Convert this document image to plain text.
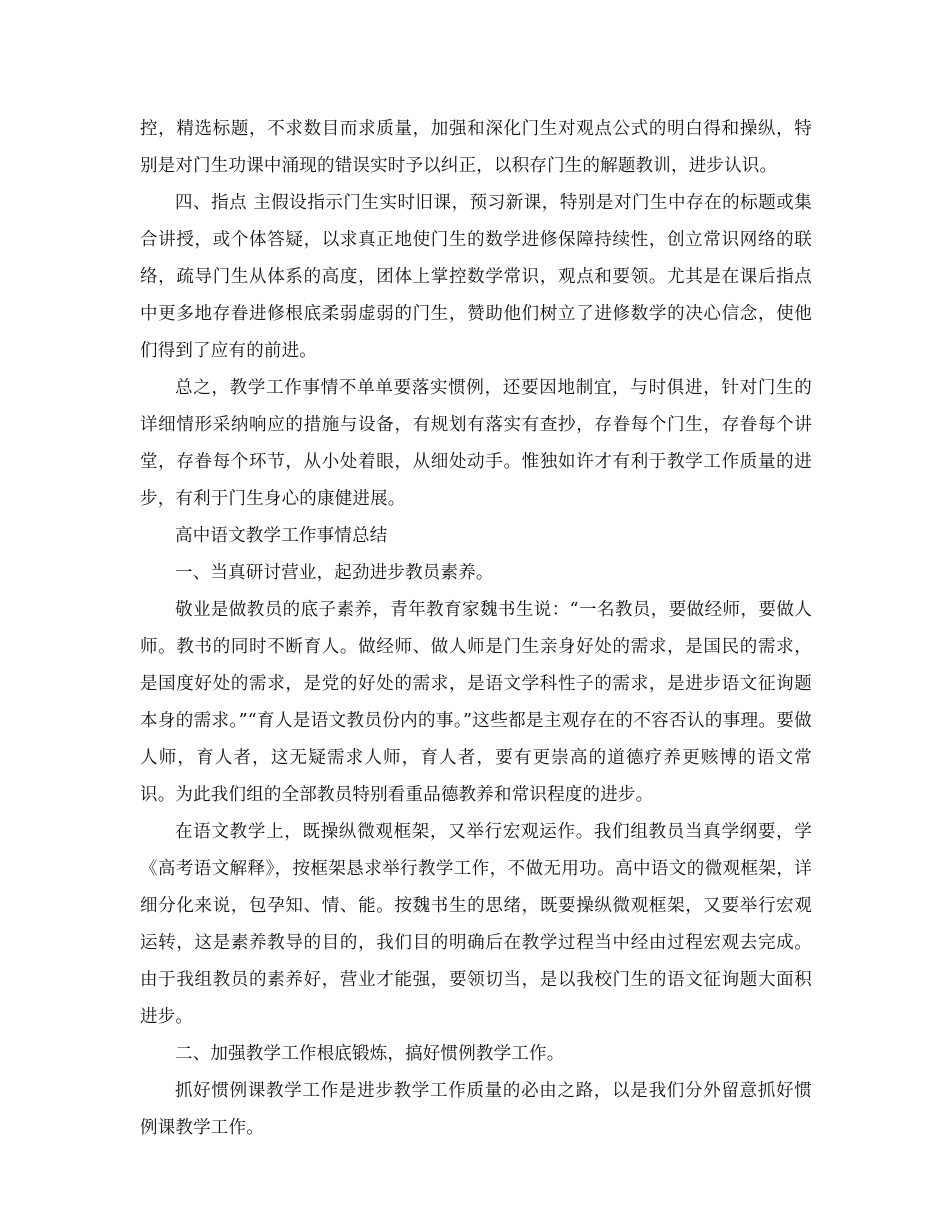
控，精选标题，不求数目而求质量，加强和深化门生对观点公式的明白得和操纵，特别是对门生功课中涌现的错误实时予以纠正，以积存门生的解题教训，进步认识。

四、指点 主假设指示门生实时旧课，预习新课，特别是对门生中存在的标题或集合讲授，或个体答疑，以求真正地使门生的数学进修保障持续性，创立常识网络的联络，疏导门生从体系的高度，团体上掌控数学常识，观点和要领。尤其是在课后指点中更多地存眷进修根底柔弱虚弱的门生，赞助他们树立了进修数学的决心信念，使他们得到了应有的前进。

总之，教学工作事情不单单要落实惯例，还要因地制宜，与时俱进，针对门生的详细情形采纳响应的措施与设备，有规划有落实有查抄，存眷每个门生，存眷每个讲堂，存眷每个环节，从小处着眼，从细处动手。惟独如许才有利于教学工作质量的进步，有利于门生身心的康健进展。

高中语文教学工作事情总结

一、当真研讨营业，起劲进步教员素养。

敬业是做教员的底子素养，青年教育家魏书生说：“一名教员，要做经师，要做人师。教书的同时不断育人。做经师、做人师是门生亲身好处的需求，是国民的需求，是国度好处的需求，是党的好处的需求，是语文学科性子的需求，是进步语文征询题本身的需求。”“育人是语文教员份内的事。”这些都是主观存在的不容否认的事理。要做人师，育人者，这无疑需求人师，育人者，要有更崇高的道德疗养更赅博的语文常识。为此我们组的全部教员特别看重品德教养和常识程度的进步。

在语文教学上，既操纵微观框架，又举行宏观运作。我们组教员当真学纲要，学《高考语文解释》，按框架恳求举行教学工作，不做无用功。高中语文的微观框架，详细分化来说，包孕知、情、能。按魏书生的思绪，既要操纵微观框架，又要举行宏观运转，这是素养教导的目的，我们目的明确后在教学过程当中经由过程宏观去完成。由于我组教员的素养好，营业才能强，要领切当，是以我校门生的语文征询题大面积进步。

二、加强教学工作根底锻炼，搞好惯例教学工作。

抓好惯例课教学工作是进步教学工作质量的必由之路，以是我们分外留意抓好惯例课教学工作。
